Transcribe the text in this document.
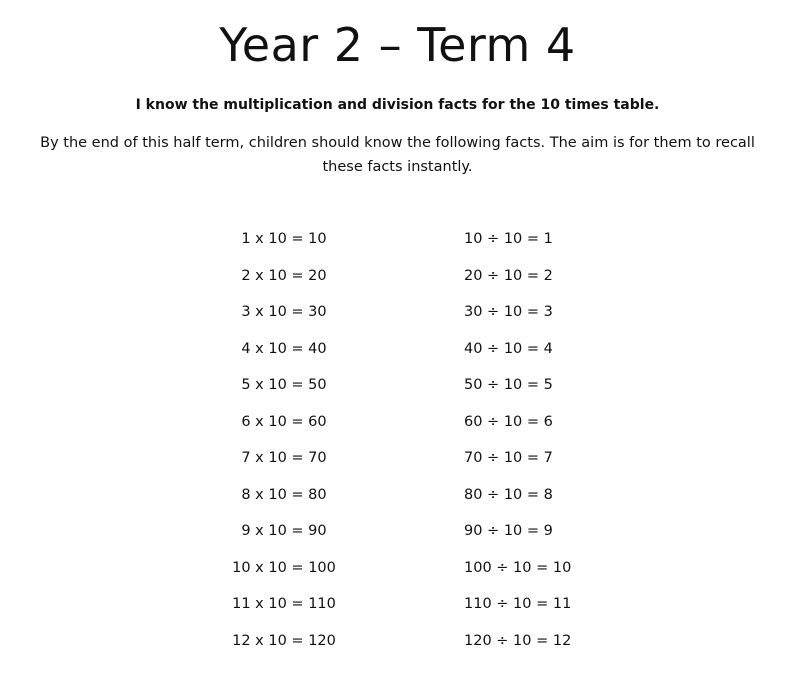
Year 2 – Term 4

I know the multiplication and division facts for the 10 times table.

By the end of this half term, children should know the following facts. The aim is for them to recall these facts instantly.

1 x 10 = 10	10 ÷ 10 = 1
2 x 10 = 20	20 ÷ 10 = 2
3 x 10 = 30	30 ÷ 10 = 3
4 x 10 = 40	40 ÷ 10 = 4
5 x 10 = 50	50 ÷ 10 = 5
6 x 10 = 60	60 ÷ 10 = 6
7 x 10 = 70	70 ÷ 10 = 7
8 x 10 = 80	80 ÷ 10 = 8
9 x 10 = 90	90 ÷ 10 = 9
10 x 10 = 100	100 ÷ 10 = 10
11 x 10 = 110	110 ÷ 10 = 11
12 x 10 = 120	120 ÷ 10 = 12
